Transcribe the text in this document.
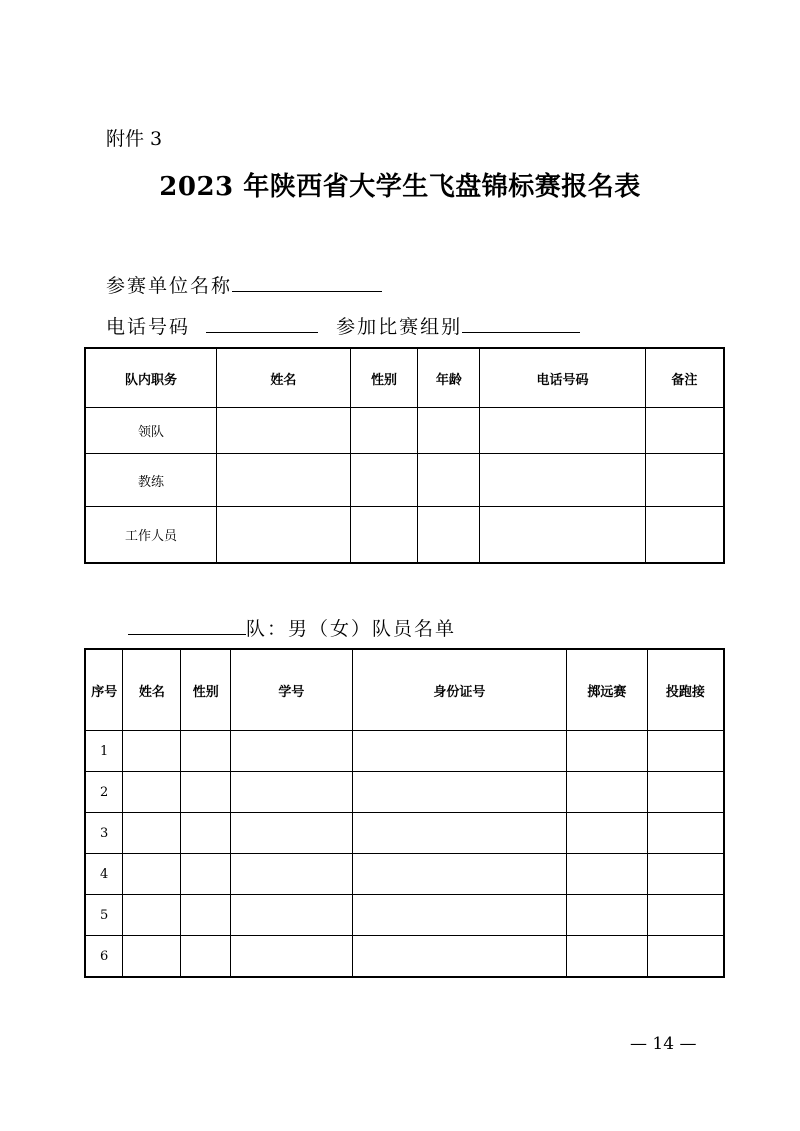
附件 3
2023 年陕西省大学生飞盘锦标赛报名表
参赛单位名称
电话号码	参加比赛组别
队内职务	姓名	性别	年龄	电话号码	备注
领队					
教练					
工作人员					
队：男（女）队员名单
序号	姓名	性别	学号	身份证号	掷远赛	投跑接
1						
2						
3						
4						
5						
6						
— 14 —
